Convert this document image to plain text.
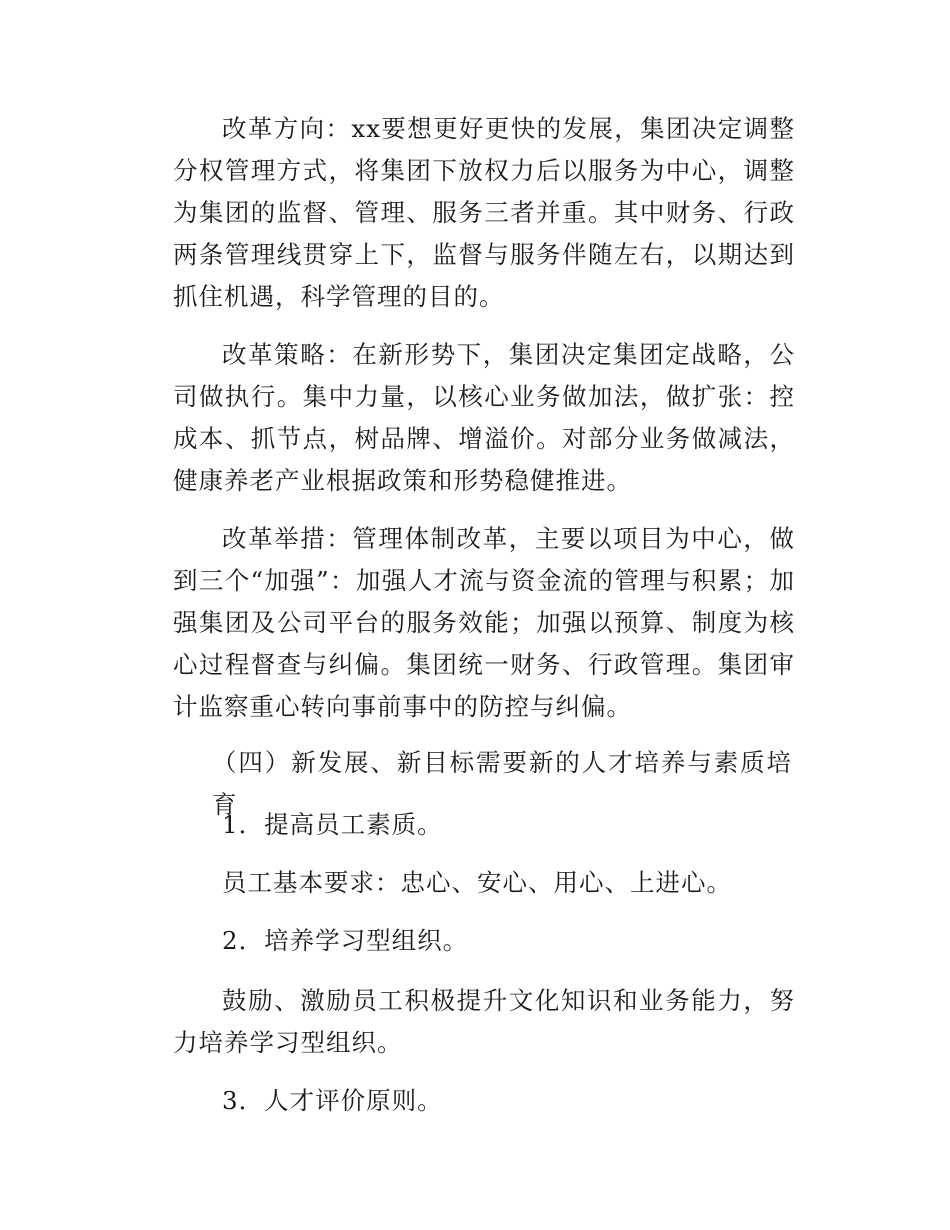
改革方向：xx要想更好更快的发展，集团决定调整分权管理方式，将集团下放权力后以服务为中心，调整为集团的监督、管理、服务三者并重。其中财务、行政两条管理线贯穿上下，监督与服务伴随左右，以期达到抓住机遇，科学管理的目的。

改革策略：在新形势下，集团决定集团定战略，公司做执行。集中力量，以核心业务做加法，做扩张：控成本、抓节点，树品牌、增溢价。对部分业务做减法，健康养老产业根据政策和形势稳健推进。

改革举措：管理体制改革，主要以项目为中心，做到三个“加强”：加强人才流与资金流的管理与积累；加强集团及公司平台的服务效能；加强以预算、制度为核心过程督查与纠偏。集团统一财务、行政管理。集团审计监察重心转向事前事中的防控与纠偏。

（四）新发展、新目标需要新的人才培养与素质培育

1．提高员工素质。

员工基本要求：忠心、安心、用心、上进心。

2．培养学习型组织。

鼓励、激励员工积极提升文化知识和业务能力，努力培养学习型组织。

3．人才评价原则。
